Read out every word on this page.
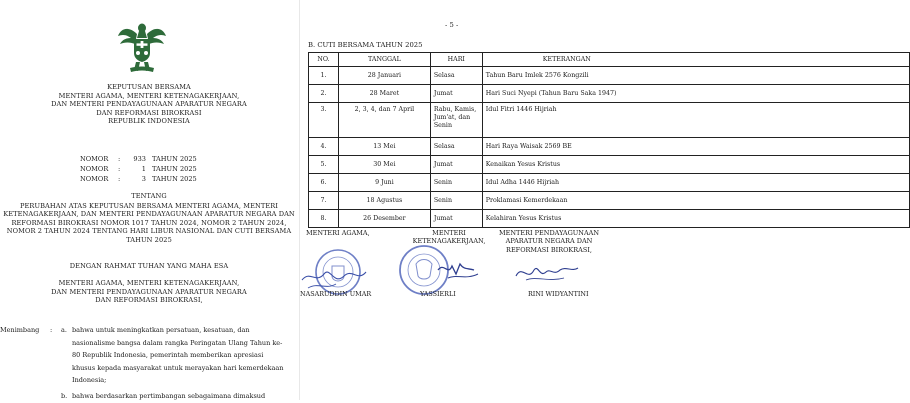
KEPUTUSAN BERSAMA
MENTERI AGAMA, MENTERI KETENAGAKERJAAN,
DAN MENTERI PENDAYAGUNAAN APARATUR NEGARA
DAN REFORMASI BIROKRASI
REPUBLIK INDONESIA
NOMOR	:	933 TAHUN 2025
NOMOR	:	1 TAHUN 2025
NOMOR	:	3 TAHUN 2025
TENTANG
PERUBAHAN ATAS KEPUTUSAN BERSAMA MENTERI AGAMA, MENTERI
KETENAGAKERJAAN, DAN MENTERI PENDAYAGUNAAN APARATUR NEGARA DAN
REFORMASI BIROKRASI NOMOR 1017 TAHUN 2024, NOMOR 2 TAHUN 2024,
NOMOR 2 TAHUN 2024 TENTANG HARI LIBUR NASIONAL DAN CUTI BERSAMA
TAHUN 2025
DENGAN RAHMAT TUHAN YANG MAHA ESA
MENTERI AGAMA, MENTERI KETENAGAKERJAAN,
DAN MENTERI PENDAYAGUNAAN APARATUR NEGARA
DAN REFORMASI BIROKRASI,
Menimbang : a. bahwa untuk meningkatkan persatuan, kesatuan, dan
nasionalisme bangsa dalam rangka Peringatan Ulang Tahun ke-
80 Republik Indonesia, pemerintah memberikan apresiasi
khusus kepada masyarakat untuk merayakan hari kemerdekaan
Indonesia;
b. bahwa berdasarkan pertimbangan sebagaimana dimaksud
- 5 -
B. CUTI BERSAMA TAHUN 2025
NO.	TANGGAL	HARI	KETERANGAN
1.	28 Januari	Selasa	Tahun Baru Imlek 2576 Kongzili
2.	28 Maret	Jumat	Hari Suci Nyepi (Tahun Baru Saka 1947)
3.	2, 3, 4, dan 7 April	Rabu, Kamis, Jum'at, dan Senin	Idul Fitri 1446 Hijriah
4.	13 Mei	Selasa	Hari Raya Waisak 2569 BE
5.	30 Mei	Jumat	Kenaikan Yesus Kristus
6.	9 Juni	Senin	Idul Adha 1446 Hijriah
7.	18 Agustus	Senin	Proklamasi Kemerdekaan
8.	26 Desember	Jumat	Kelahiran Yesus Kristus
MENTERI AGAMA,	MENTERI
KETENAGAKERJAAN,
MENTERI PENDAYAGUNAAN
APARATUR NEGARA DAN
REFORMASI BIROKRASI,
NASARUDDIN UMAR	YASSIERLI	RINI WIDYANTINI
